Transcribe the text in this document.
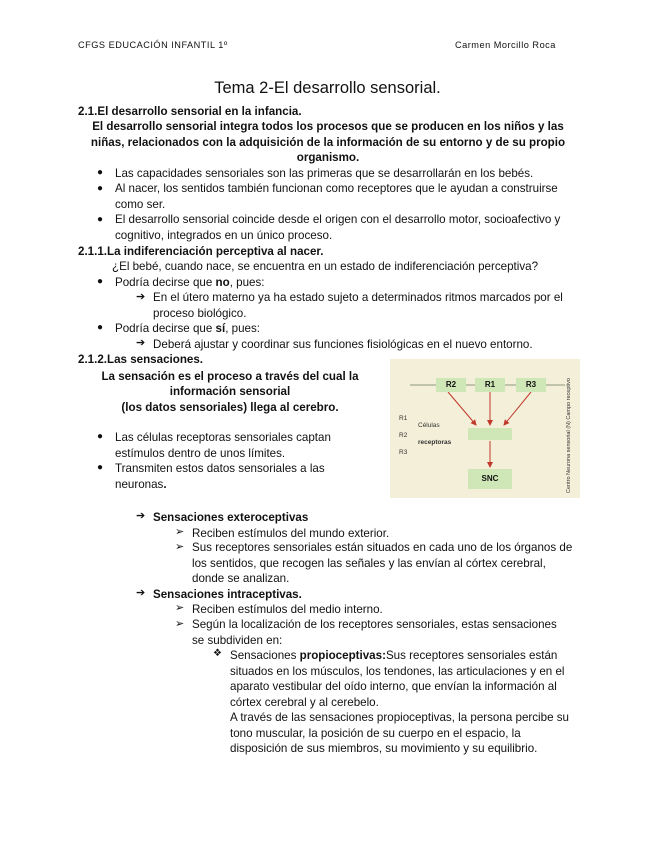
CFGS EDUCACIÓN INFANTIL 1º	Carmen Morcillo Roca
Tema 2-El desarrollo sensorial.
2.1.El desarrollo sensorial en la infancia.
El desarrollo sensorial integra todos los procesos que se producen en los niños y las niñas, relacionados con la adquisición de la información de su entorno y de su propio organismo.
● Las capacidades sensoriales son las primeras que se desarrollarán en los bebés.
● Al nacer, los sentidos también funcionan como receptores que le ayudan a construirse como ser.
● El desarrollo sensorial coincide desde el origen con el desarrollo motor, socioafectivo y cognitivo, integrados en un único proceso.
2.1.1.La indiferenciación perceptiva al nacer.
¿El bebé, cuando nace, se encuentra en un estado de indiferenciación perceptiva?
● Podría decirse que no, pues:
➔ En el útero materno ya ha estado sujeto a determinados ritmos marcados por el proceso biológico.
● Podría decirse que sí, pues:
➔ Deberá ajustar y coordinar sus funciones fisiológicas en el nuevo entorno.
2.1.2.Las sensaciones.
La sensación es el proceso a través del cual la
información sensorial
(los datos sensoriales) llega al cerebro.
● Las células receptoras sensoriales captan estímulos dentro de unos límites.
● Transmiten estos datos sensoriales a las neuronas.
R2	R1	R3
SNC
R1
R2
R3
Células
receptoras	Centro Neurona sensorial (N) Campo receptivo
➔ Sensaciones exteroceptivas
➢ Reciben estímulos del mundo exterior.
➢ Sus receptores sensoriales están situados en cada uno de los órganos de los sentidos, que recogen las señales y las envían al córtex cerebral, donde se analizan.
➔ Sensaciones intraceptivas.
➢ Reciben estímulos del medio interno.
➢ Según la localización de los receptores sensoriales, estas sensaciones se subdividen en:
❖ Sensaciones propioceptivas:Sus receptores sensoriales están situados en los músculos, los tendones, las articulaciones y en el aparato vestibular del oído interno, que envían la información al córtex cerebral y al cerebelo.
A través de las sensaciones propioceptivas, la persona percibe su tono muscular, la posición de su cuerpo en el espacio, la disposición de sus miembros, su movimiento y su equilibrio.
